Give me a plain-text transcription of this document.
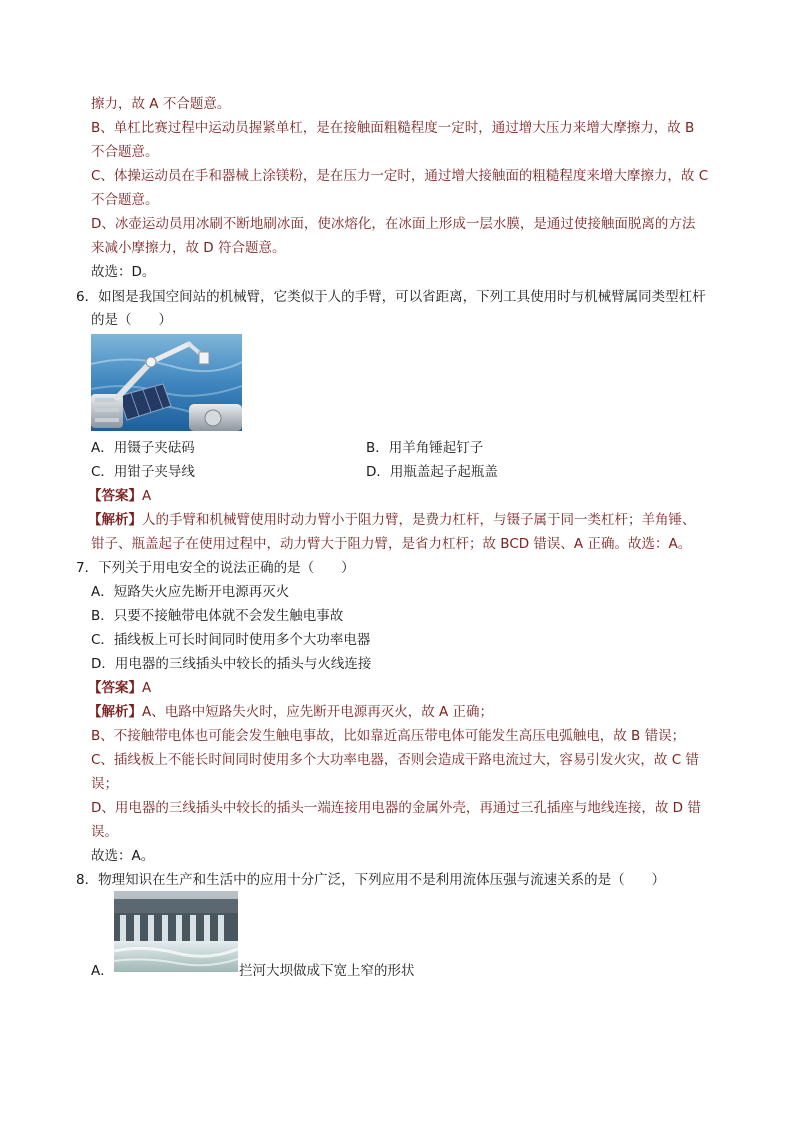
擦力，故 A 不合题意。
B、单杠比赛过程中运动员握紧单杠，是在接触面粗糙程度一定时，通过增大压力来增大摩擦力，故 B
不合题意。
C、体操运动员在手和器械上涂镁粉，是在压力一定时，通过增大接触面的粗糙程度来增大摩擦力，故 C
不合题意。
D、冰壶运动员用冰刷不断地刷冰面，使冰熔化，在冰面上形成一层水膜，是通过使接触面脱离的方法
来减小摩擦力，故 D 符合题意。
故选：D。
6．如图是我国空间站的机械臂，它类似于人的手臂，可以省距离，下列工具使用时与机械臂属同类型杠杆
的是（　　）
A．用镊子夹砝码	B．用羊角锤起钉子
C．用钳子夹导线	D．用瓶盖起子起瓶盖
【答案】A
【解析】人的手臂和机械臂使用时动力臂小于阻力臂，是费力杠杆，与镊子属于同一类杠杆；羊角锤、
钳子、瓶盖起子在使用过程中，动力臂大于阻力臂，是省力杠杆；故 BCD 错误、A 正确。故选：A。
7．下列关于用电安全的说法正确的是（　　）
A．短路失火应先断开电源再灭火
B．只要不接触带电体就不会发生触电事故
C．插线板上可长时间同时使用多个大功率电器
D．用电器的三线插头中较长的插头与火线连接
【答案】A
【解析】A、电路中短路失火时，应先断开电源再灭火，故 A 正确；
B、不接触带电体也可能会发生触电事故，比如靠近高压带电体可能发生高压电弧触电，故 B 错误；
C、插线板上不能长时间同时使用多个大功率电器，否则会造成干路电流过大，容易引发火灾，故 C 错
误；
D、用电器的三线插头中较长的插头一端连接用电器的金属外壳，再通过三孔插座与地线连接，故 D 错
误。
故选：A。
8．物理知识在生产和生活中的应用十分广泛，下列应用不是利用流体压强与流速关系的是（　　）
A．	拦河大坝做成下宽上窄的形状
